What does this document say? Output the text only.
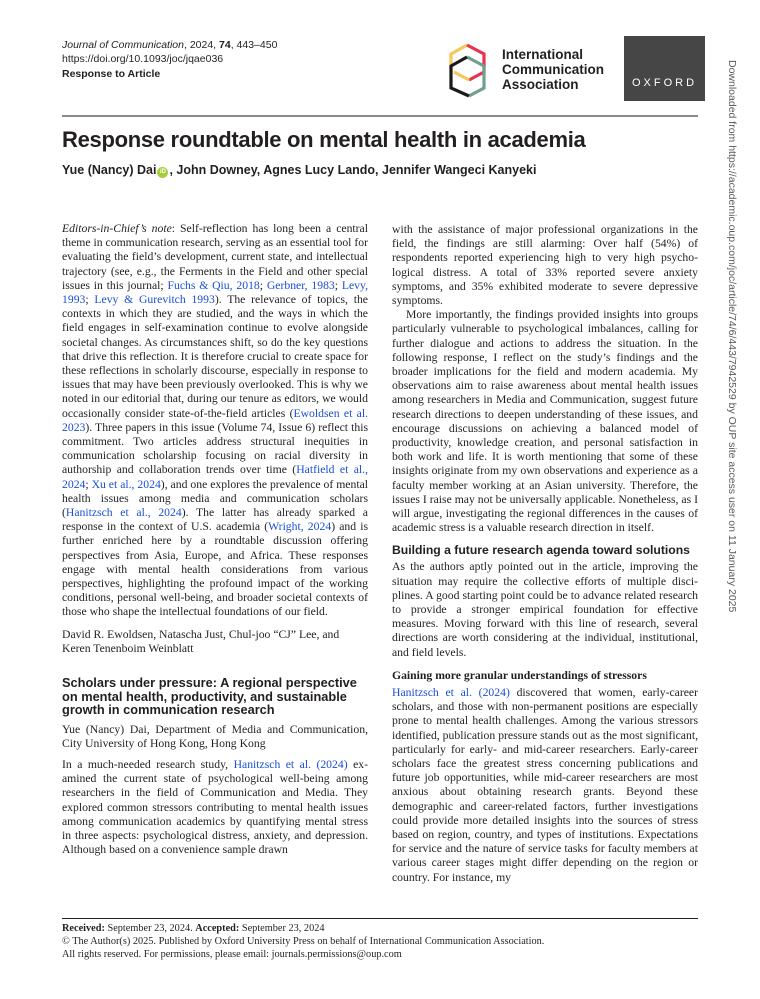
Journal of Communication, 2024, 74, 443–450
https://doi.org/10.1093/joc/jqae036
Response to Article
International
Communication
Association	OXFORD
Response roundtable on mental health in academia
Yue (Nancy) Dai iD , John Downey, Agnes Lucy Lando, Jennifer Wangeci Kanyeki

Editors-in-Chief’s note: Self-reflection has long been a central theme in communication research, serving as an essential tool for evaluating the field’s development, current state, and intellectual trajectory (see, e.g., the Ferments in the Field and other special issues in this journal; Fuchs & Qiu, 2018; Gerbner, 1983; Levy, 1993; Levy & Gurevitch 1993). The relevance of topics, the contexts in which they are studied, and the ways in which the field engages in self-examination continue to evolve alongside societal changes. As circumstances shift, so do the key questions that drive this reflection. It is therefore crucial to create space for these reflections in scholarly discourse, especially in response to issues that may have been previously overlooked. This is why we noted in our editorial that, during our tenure as editors, we would occasionally consider state-of-the-field articles (Ewoldsen et al. 2023). Three papers in this issue (Volume 74, Issue 6) reflect this commitment. Two articles address structural inequities in communication scholarship focusing on racial diversity in authorship and collaboration trends over time (Hatfield et al., 2024; Xu et al., 2024), and one explores the prevalence of mental health issues among media and communication scholars (Hanitzsch et al., 2024). The latter has already sparked a response in the context of U.S. academia (Wright, 2024) and is further enriched here by a roundtable discussion offering perspectives from Asia, Europe, and Africa. These responses engage with mental health considerations from various perspectives, highlighting the profound impact of the working conditions, personal well-being, and broader societal contexts of those who shape the intellectual foundations of our field.

David R. Ewoldsen, Natascha Just, Chul-joo “CJ” Lee, and Keren Tenenboim Weinblatt

Scholars under pressure: A regional perspective on mental health, productivity, and sustainable growth in communication research

Yue (Nancy) Dai, Department of Media and Communication, City University of Hong Kong, Hong Kong

In a much-needed research study, Hanitzsch et al. (2024) examined the current state of psychological well-being among researchers in the field of Communication and Media. They explored common stressors contributing to mental health issues among communication academics by quantifying mental stress in three aspects: psychological distress, anxiety, and depression. Although based on a convenience sample drawn

with the assistance of major professional organizations in the field, the findings are still alarming: Over half (54%) of respondents reported experiencing high to very high psychological distress. A total of 33% reported severe anxiety symptoms, and 35% exhibited moderate to severe depressive symptoms.

More importantly, the findings provided insights into groups particularly vulnerable to psychological imbalances, calling for further dialogue and actions to address the situation. In the following response, I reflect on the study’s findings and the broader implications for the field and modern academia. My observations aim to raise awareness about mental health issues among researchers in Media and Communication, suggest future research directions to deepen understanding of these issues, and encourage discussions on achieving a balanced model of productivity, knowledge creation, and personal satisfaction in both work and life. It is worth mentioning that some of these insights originate from my own observations and experience as a faculty member working at an Asian university. Therefore, the issues I raise may not be universally applicable. Nonetheless, as I will argue, investigating the regional differences in the causes of academic stress is a valuable research direction in itself.

Building a future research agenda toward solutions

As the authors aptly pointed out in the article, improving the situation may require the collective efforts of multiple disciplines. A good starting point could be to advance related research to provide a stronger empirical foundation for effective measures. Moving forward with this line of research, several directions are worth considering at the individual, institutional, and field levels.

Gaining more granular understandings of stressors

Hanitzsch et al. (2024) discovered that women, early-career scholars, and those with non-permanent positions are especially prone to mental health challenges. Among the various stressors identified, publication pressure stands out as the most significant, particularly for early- and mid-career researchers. Early-career scholars face the greatest stress concerning publications and future job opportunities, while mid-career researchers are most anxious about obtaining research grants. Beyond these demographic and career-related factors, further investigations could provide more detailed insights into the sources of stress based on region, country, and types of institutions. Expectations for service and the nature of service tasks for faculty members at various career stages might differ depending on the region or country. For instance, my

Received: September 23, 2024. Accepted: September 23, 2024
© The Author(s) 2025. Published by Oxford University Press on behalf of International Communication Association.
All rights reserved. For permissions, please email: journals.permissions@oup.com
Downloaded from https://academic.oup.com/joc/article/74/6/443/7942529 by OUP site access user on 11 January 2025
